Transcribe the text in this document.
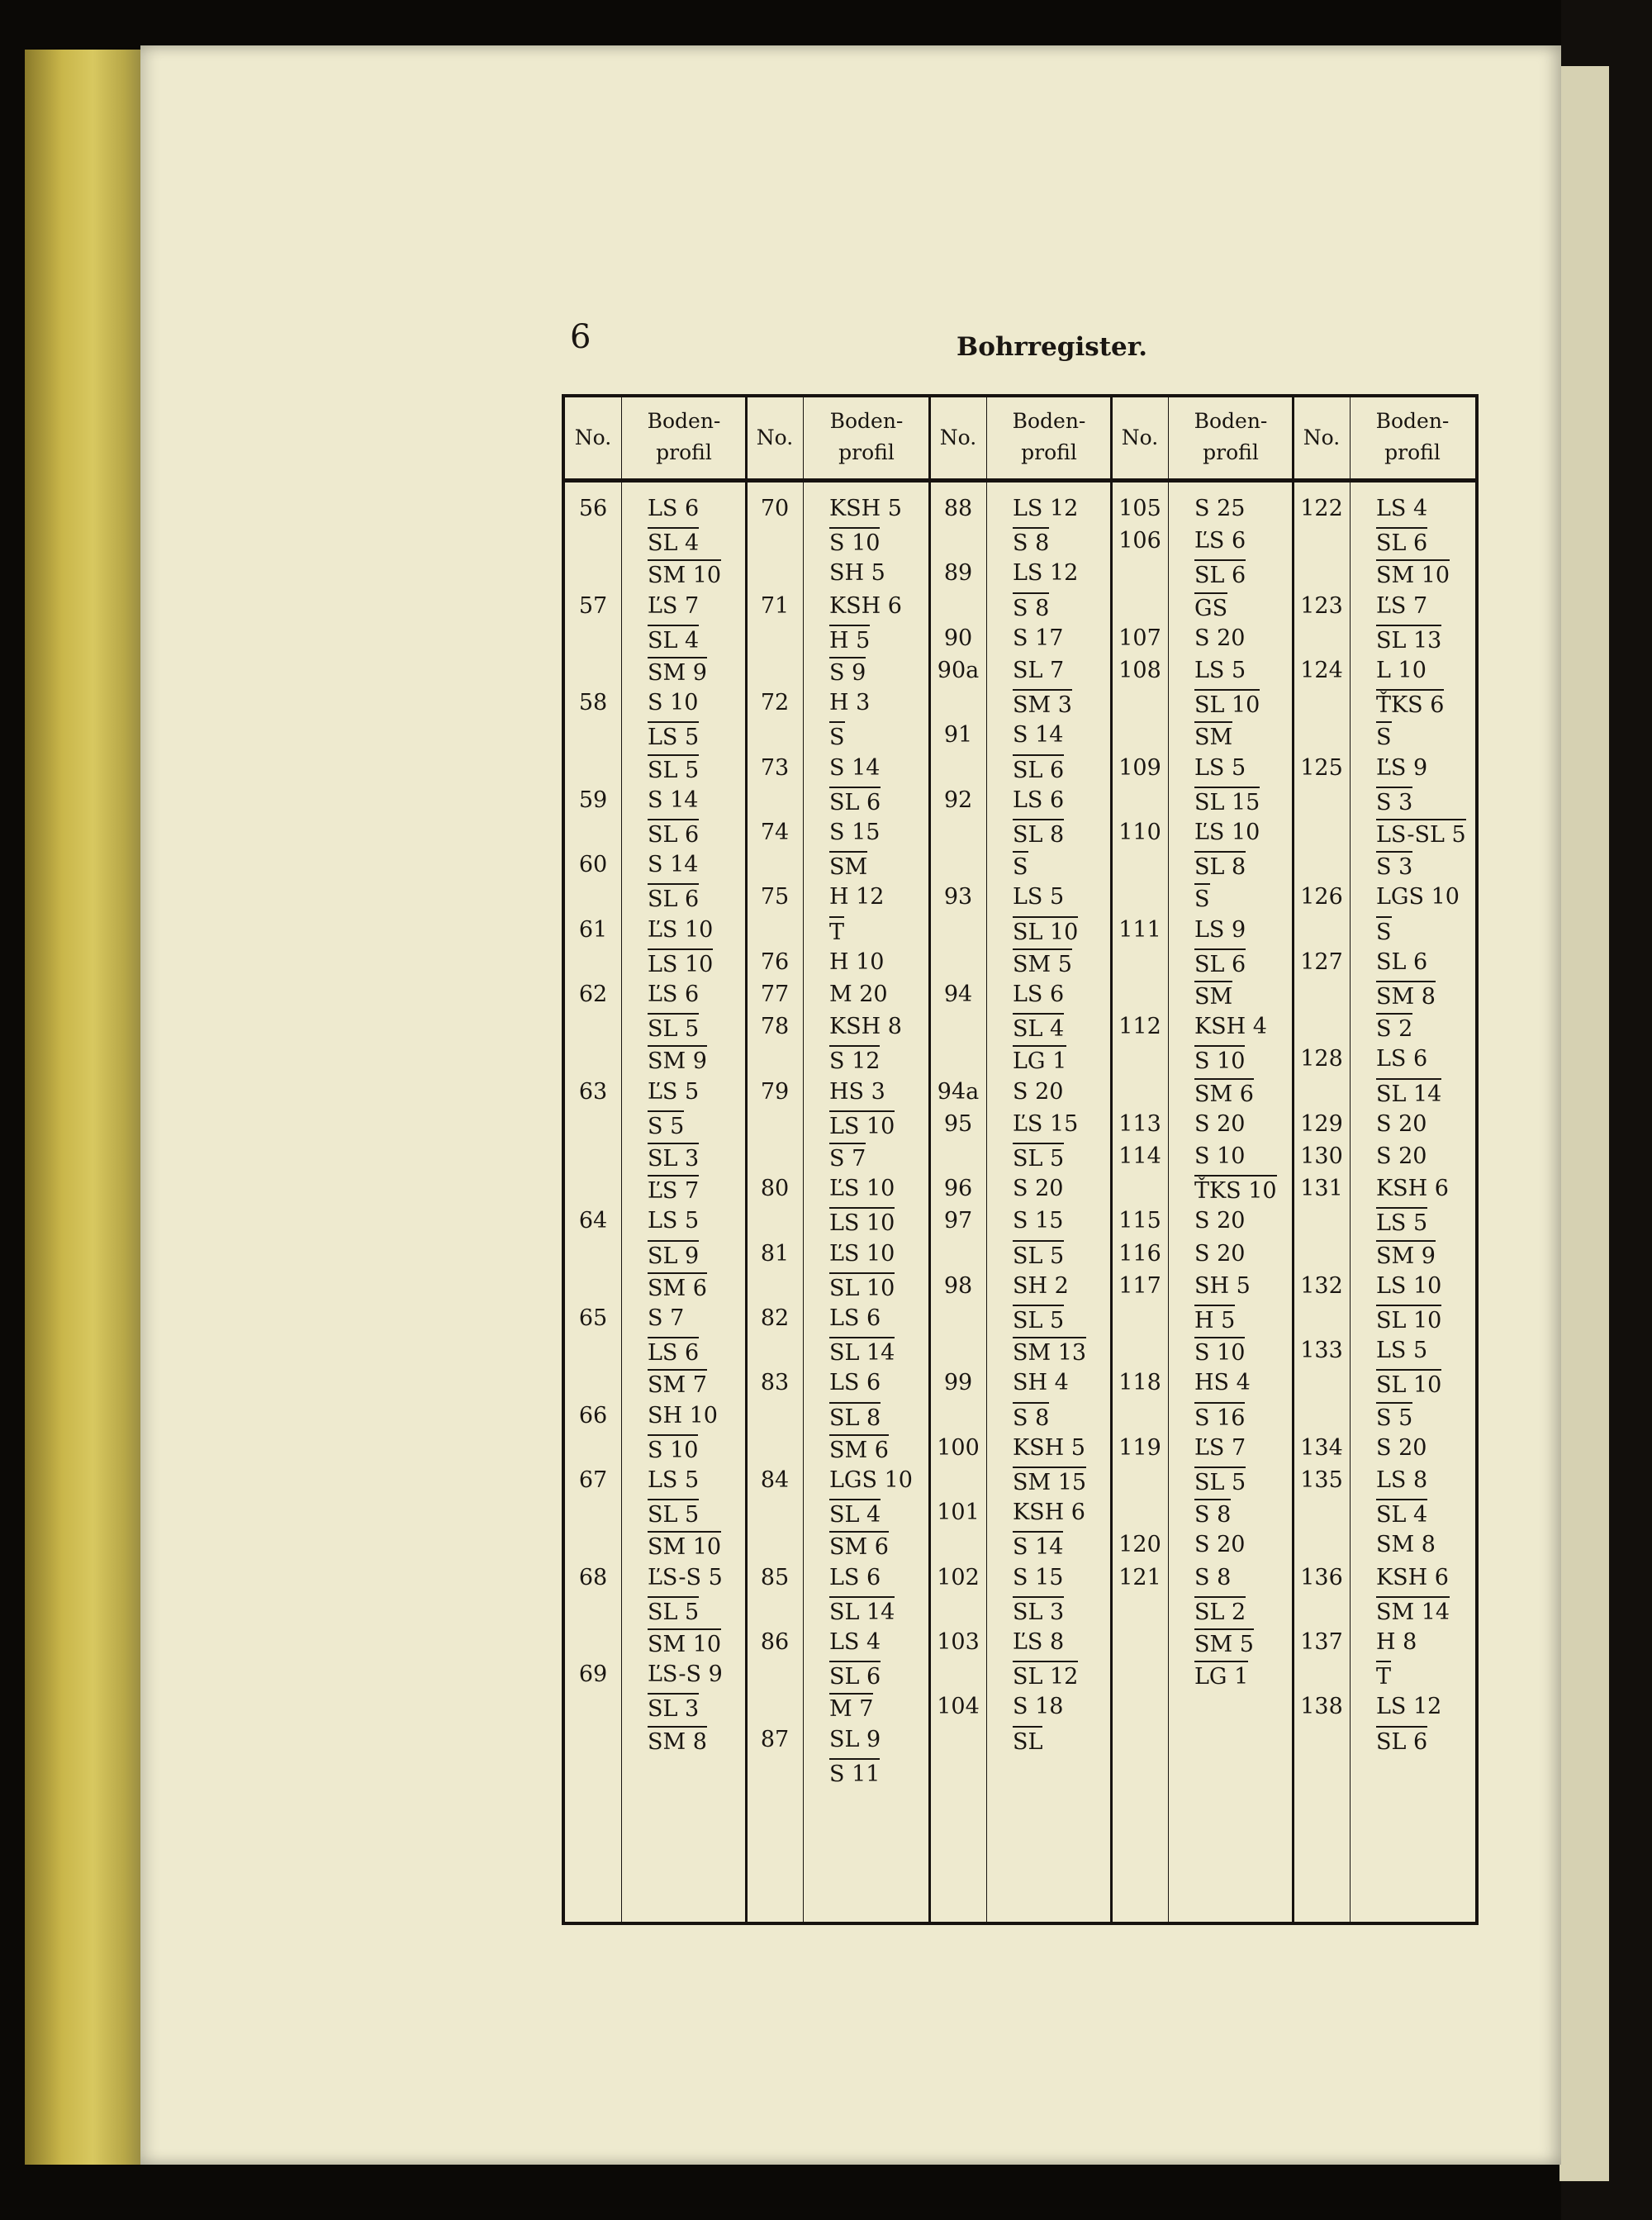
6	Bohrregister.
No.
Boden-
profil
56	LS 6
SL 4
SM 10
57	ĽS 7
SL 4
SM 9
58	S 10
LS 5
SL 5
59	S 14
SL 6
60	S 14
SL 6
61	ĽS 10
LS 10
62	ĽS 6
SL 5
SM 9
63	ĽS 5
S 5
SL 3
ĽS 7
64	LS 5
SL 9
SM 6
65	S 7
LS 6
SM 7
66	SH 10
S 10
67	LS 5
SL 5
SM 10
68	ĽS-S 5
SL 5
SM 10
69	ĽS-S 9
SL 3
SM 8
No.
Boden-
profil
70	KSH 5
S 10
SH 5
71	KSH 6
H 5
S 9
72	H 3
S
73	S 14
SL 6
74	S 15
SM
75	H 12
T
76	H 10
77	M 20
78	KSH 8
S 12
79	HS 3
LS 10
S 7
80	ĽS 10
LS 10
81	ĽS 10
SL 10
82	LS 6
SL 14
83	LS 6
SL 8
SM 6
84	LGS 10
SL 4
SM 6
85	LS 6
SL 14
86	LS 4
SL 6
M 7
87	SL 9
S 11
No.
Boden-
profil
88	LS 12
S 8
89	LS 12
S 8
90	S 17
90a	SL 7
SM 3
91	S 14
SL 6
92	LS 6
SL 8
S
93	LS 5
SL 10
SM 5
94	LS 6
SL 4
LG 1
94a	S 20
95	ĽS 15
SL 5
96	S 20
97	S 15
SL 5
98	SH 2
SL 5
SM 13
99	SH 4
S 8
100	KSH 5
SM 15
101	KSH 6
S 14
102	S 15
SL 3
103	ĽS 8
SL 12
104	S 18
SL
No.
Boden-
profil
105	S 25
106	ĽS 6
SL 6
GS
107	S 20
108	LS 5
SL 10
SM
109	LS 5
SL 15
110	ĽS 10
SL 8
S
111	LS 9
SL 6
SM
112	KSH 4
S 10
SM 6
113	S 20
114	S 10
ŤKS 10
115	S 20
116	S 20
117	SH 5
H 5
S 10
118	HS 4
S 16
119	ĽS 7
SL 5
S 8
120	S 20
121	S 8
SL 2
SM 5
LG 1
No.
Boden-
profil
122	LS 4
SL 6
SM 10
123	ĽS 7
SL 13
124	L 10
ŤKS 6
S
125	ĽS 9
S 3
LS-SL 5
S 3
126	LGS 10
S
127	SL 6
SM 8
S 2
128	LS 6
SL 14
129	S 20
130	S 20
131	KSH 6
LS 5
SM 9
132	LS 10
SL 10
133	LS 5
SL 10
S 5
134	S 20
135	LS 8
SL 4
SM 8
136	KSH 6
SM 14
137	H 8
T
138	LS 12
SL 6
